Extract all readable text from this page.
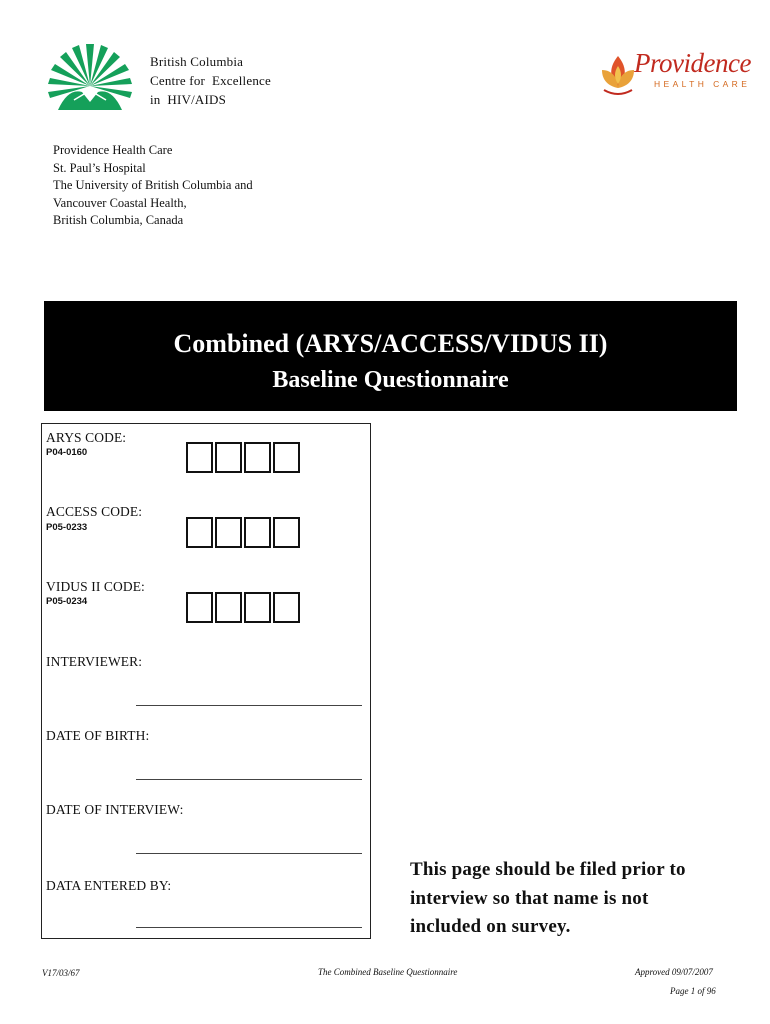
British Columbia
Centre for  Excellence
in  HIV/AIDS
Providence
HEALTH CARE
Providence Health Care
St. Paul’s Hospital
The University of British Columbia and
Vancouver Coastal Health,
British Columbia, Canada
Combined (ARYS/ACCESS/VIDUS II)
Baseline Questionnaire
ARYS CODE:
P04-0160
ACCESS CODE:
P05-0233
VIDUS II CODE:
P05-0234
INTERVIEWER:
DATE OF BIRTH:
DATE OF INTERVIEW:
DATA ENTERED BY:
This page should be filed prior to
interview so that name is not
included on survey.
V17/03/67	The Combined Baseline Questionnaire	Approved 09/07/2007
Page 1 of 96
